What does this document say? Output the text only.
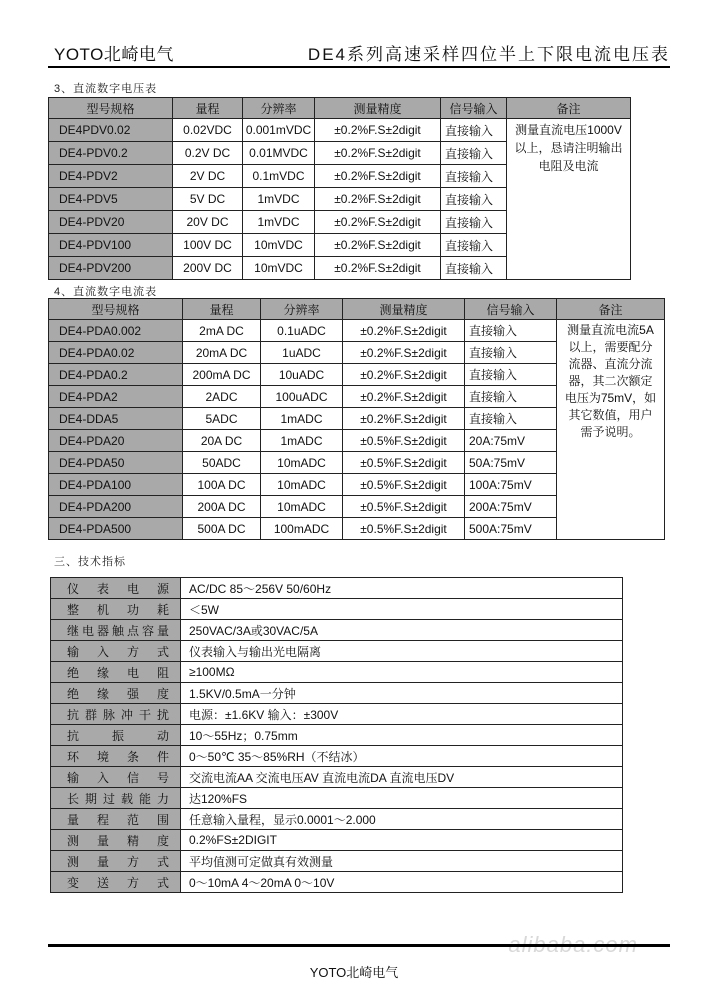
YOTO北崎电气	DE4系列高速采样四位半上下限电流电压表
3、直流数字电压表
型号规格	量程	分辨率	测量精度	信号输入	备注
DE4PDV0.02	0.02VDC	0.001mVDC	±0.2%F.S±2digit	直接输入	测量直流电压1000V以上，恳请注明输出电阻及电流
DE4-PDV0.2	0.2V DC	0.01MVDC	±0.2%F.S±2digit	直接输入	
DE4-PDV2	2V DC	0.1mVDC	±0.2%F.S±2digit	直接输入	
DE4-PDV5	5V DC	1mVDC	±0.2%F.S±2digit	直接输入	
DE4-PDV20	20V DC	1mVDC	±0.2%F.S±2digit	直接输入	
DE4-PDV100	100V DC	10mVDC	±0.2%F.S±2digit	直接输入	
DE4-PDV200	200V DC	10mVDC	±0.2%F.S±2digit	直接输入	
4、直流数字电流表
型号规格	量程	分辨率	测量精度	信号输入	备注
DE4-PDA0.002	2mA DC	0.1uADC	±0.2%F.S±2digit	直接输入	测量直流电流5A以上，需要配分流器、直流分流器，其二次额定电压为75mV，如其它数值，用户需予说明。
DE4-PDA0.02	20mA DC	1uADC	±0.2%F.S±2digit	直接输入	
DE4-PDA0.2	200mA DC	10uADC	±0.2%F.S±2digit	直接输入	
DE4-PDA2	2ADC	100uADC	±0.2%F.S±2digit	直接输入	
DE4-DDA5	5ADC	1mADC	±0.2%F.S±2digit	直接输入	
DE4-PDA20	20A DC	1mADC	±0.5%F.S±2digit	20A:75mV	
DE4-PDA50	50ADC	10mADC	±0.5%F.S±2digit	50A:75mV	
DE4-PDA100	100A DC	10mADC	±0.5%F.S±2digit	100A:75mV	
DE4-PDA200	200A DC	10mADC	±0.5%F.S±2digit	200A:75mV	
DE4-PDA500	500A DC	100mADC	±0.5%F.S±2digit	500A:75mV	
三、技术指标
仪表电源	AC/DC 85～256V 50/60Hz
整机功耗	＜5W
继电器触点容量	250VAC/3A或30VAC/5A
输入方式	仪表输入与输出光电隔离
绝缘电阻	≥100MΩ
绝缘强度	1.5KV/0.5mA一分钟
抗群脉冲干扰	电源：±1.6KV 输入：±300V
抗振动	10～55Hz；0.75mm
环境条件	0～50℃ 35～85%RH（不结冰）
输入信号	交流电流AA 交流电压AV 直流电流DA 直流电压DV
长期过载能力	达120%FS
量程范围	任意输入量程，显示0.0001～2.000
测量精度	0.2%FS±2DIGIT
测量方式	平均值测可定做真有效测量
变送方式	0～10mA 4～20mA 0～10V
alibaba.com
YOTO北崎电气
